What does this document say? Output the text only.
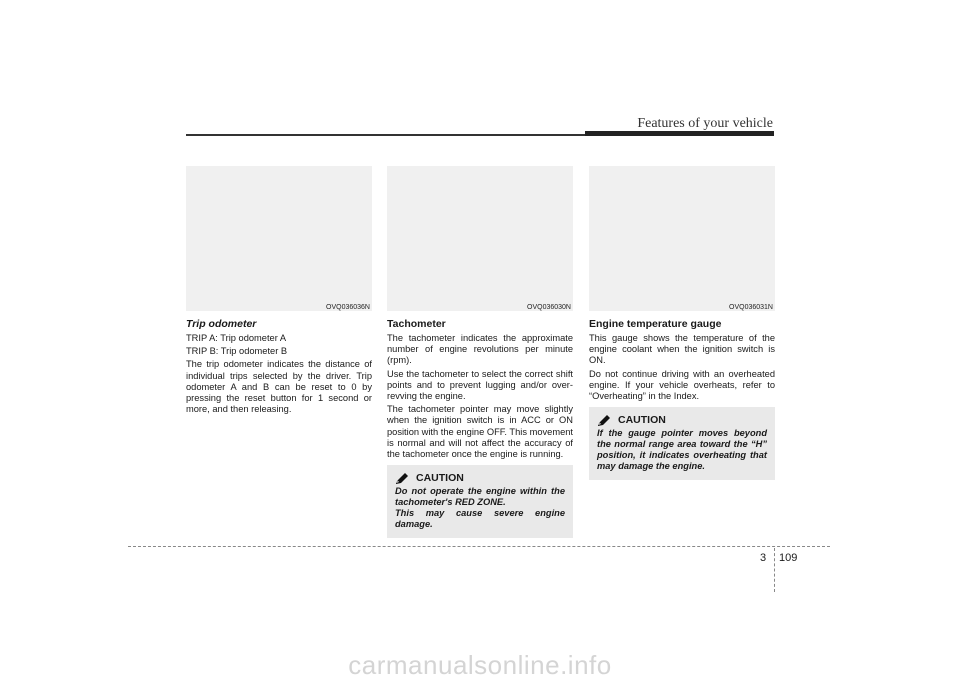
Features of your vehicle
OVQ036036N
Trip odometer

TRIP A: Trip odometer A

TRIP B: Trip odometer B

The trip odometer indicates the distance of individual trips selected by the driver. Trip odometer A and B can be reset to 0 by pressing the reset button for 1 second or more, and then releasing.

OVQ036030N
Tachometer

The tachometer indicates the approximate number of engine revolutions per minute (rpm).

Use the tachometer to select the correct shift points and to prevent lugging and/or over-revving the engine.

The tachometer pointer may move slightly when the ignition switch is in ACC or ON position with the engine OFF. This movement is normal and will not affect the accuracy of the tachometer once the engine is running.

CAUTION

Do not operate the engine within the tachometer's RED ZONE.

This may cause severe engine damage.

OVQ036031N
Engine temperature gauge

This gauge shows the temperature of the engine coolant when the ignition switch is ON.

Do not continue driving with an overheated engine. If your vehicle overheats, refer to “Overheating” in the Index.

CAUTION

If the gauge pointer moves beyond the normal range area toward the “H” position, it indicates overheating that may damage the engine.

3 109
carmanualsonline.info
